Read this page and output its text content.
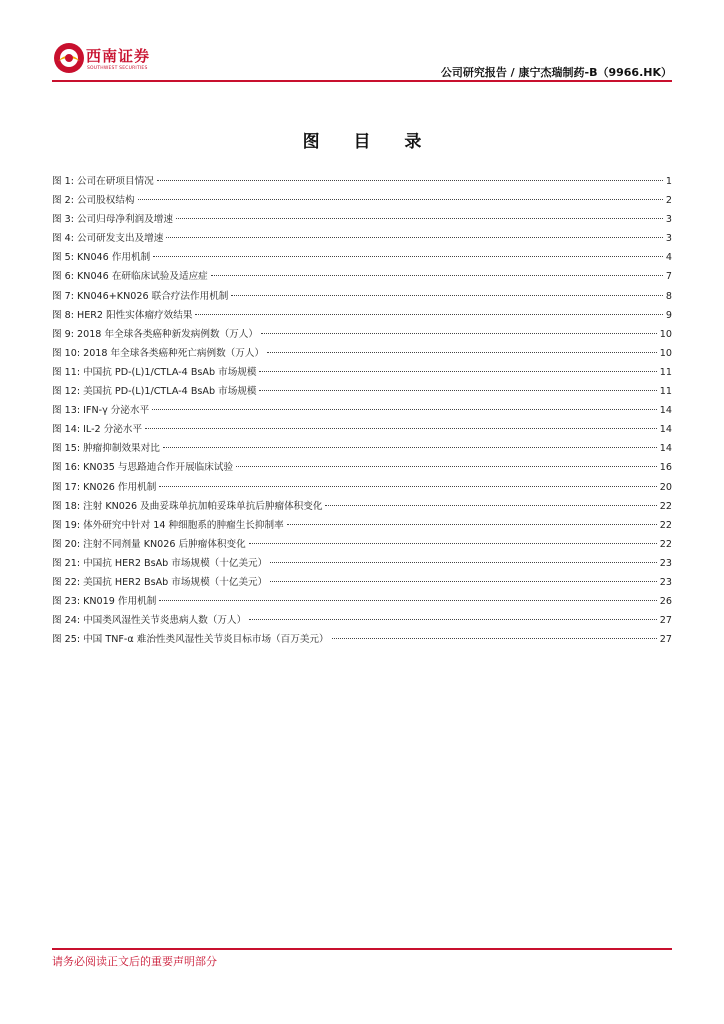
西南证券
SOUTHWEST SECURITIES	公司研究报告 / 康宁杰瑞制药-B（9966.HK）
图 目 录
图 1: 公司在研项目情况	1
图 2: 公司股权结构	2
图 3: 公司归母净利润及增速	3
图 4: 公司研发支出及增速	3
图 5: KN046 作用机制	4
图 6: KN046 在研临床试验及适应症	7
图 7: KN046+KN026 联合疗法作用机制	8
图 8: HER2 阳性实体瘤疗效结果	9
图 9: 2018 年全球各类癌种新发病例数（万人）	10
图 10: 2018 年全球各类癌种死亡病例数（万人）	10
图 11: 中国抗 PD-(L)1/CTLA-4 BsAb 市场规模	11
图 12: 美国抗 PD-(L)1/CTLA-4 BsAb 市场规模	11
图 13: IFN-γ 分泌水平	14
图 14: IL-2 分泌水平	14
图 15: 肿瘤抑制效果对比	14
图 16: KN035 与思路迪合作开展临床试验	16
图 17: KN026 作用机制	20
图 18: 注射 KN026 及曲妥珠单抗加帕妥珠单抗后肿瘤体积变化	22
图 19: 体外研究中针对 14 种细胞系的肿瘤生长抑制率	22
图 20: 注射不同剂量 KN026 后肿瘤体积变化	22
图 21: 中国抗 HER2 BsAb 市场规模（十亿美元）	23
图 22: 美国抗 HER2 BsAb 市场规模（十亿美元）	23
图 23: KN019 作用机制	26
图 24: 中国类风湿性关节炎患病人数（万人）	27
图 25: 中国 TNF-α 难治性类风湿性关节炎目标市场（百万美元）	27
请务必阅读正文后的重要声明部分
